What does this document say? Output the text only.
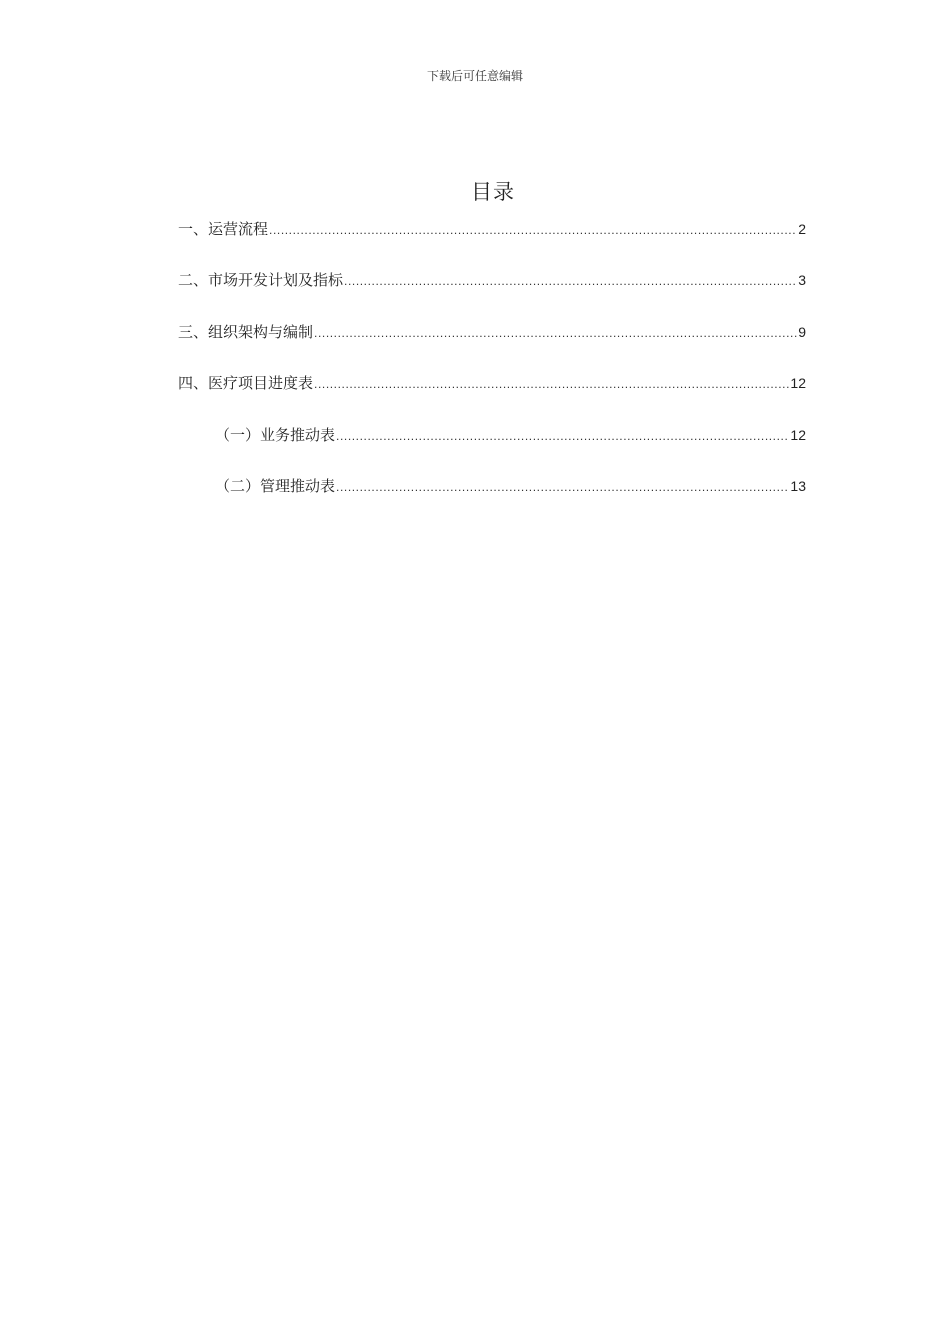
下载后可任意编辑
目录
一、运营流程 .....	2
二、市场开发计划及指标 .....	3
三、组织架构与编制 .....	9
四、医疗项目进度表 .....	12
（一）业务推动表 .....	12
（二）管理推动表 .....	13
